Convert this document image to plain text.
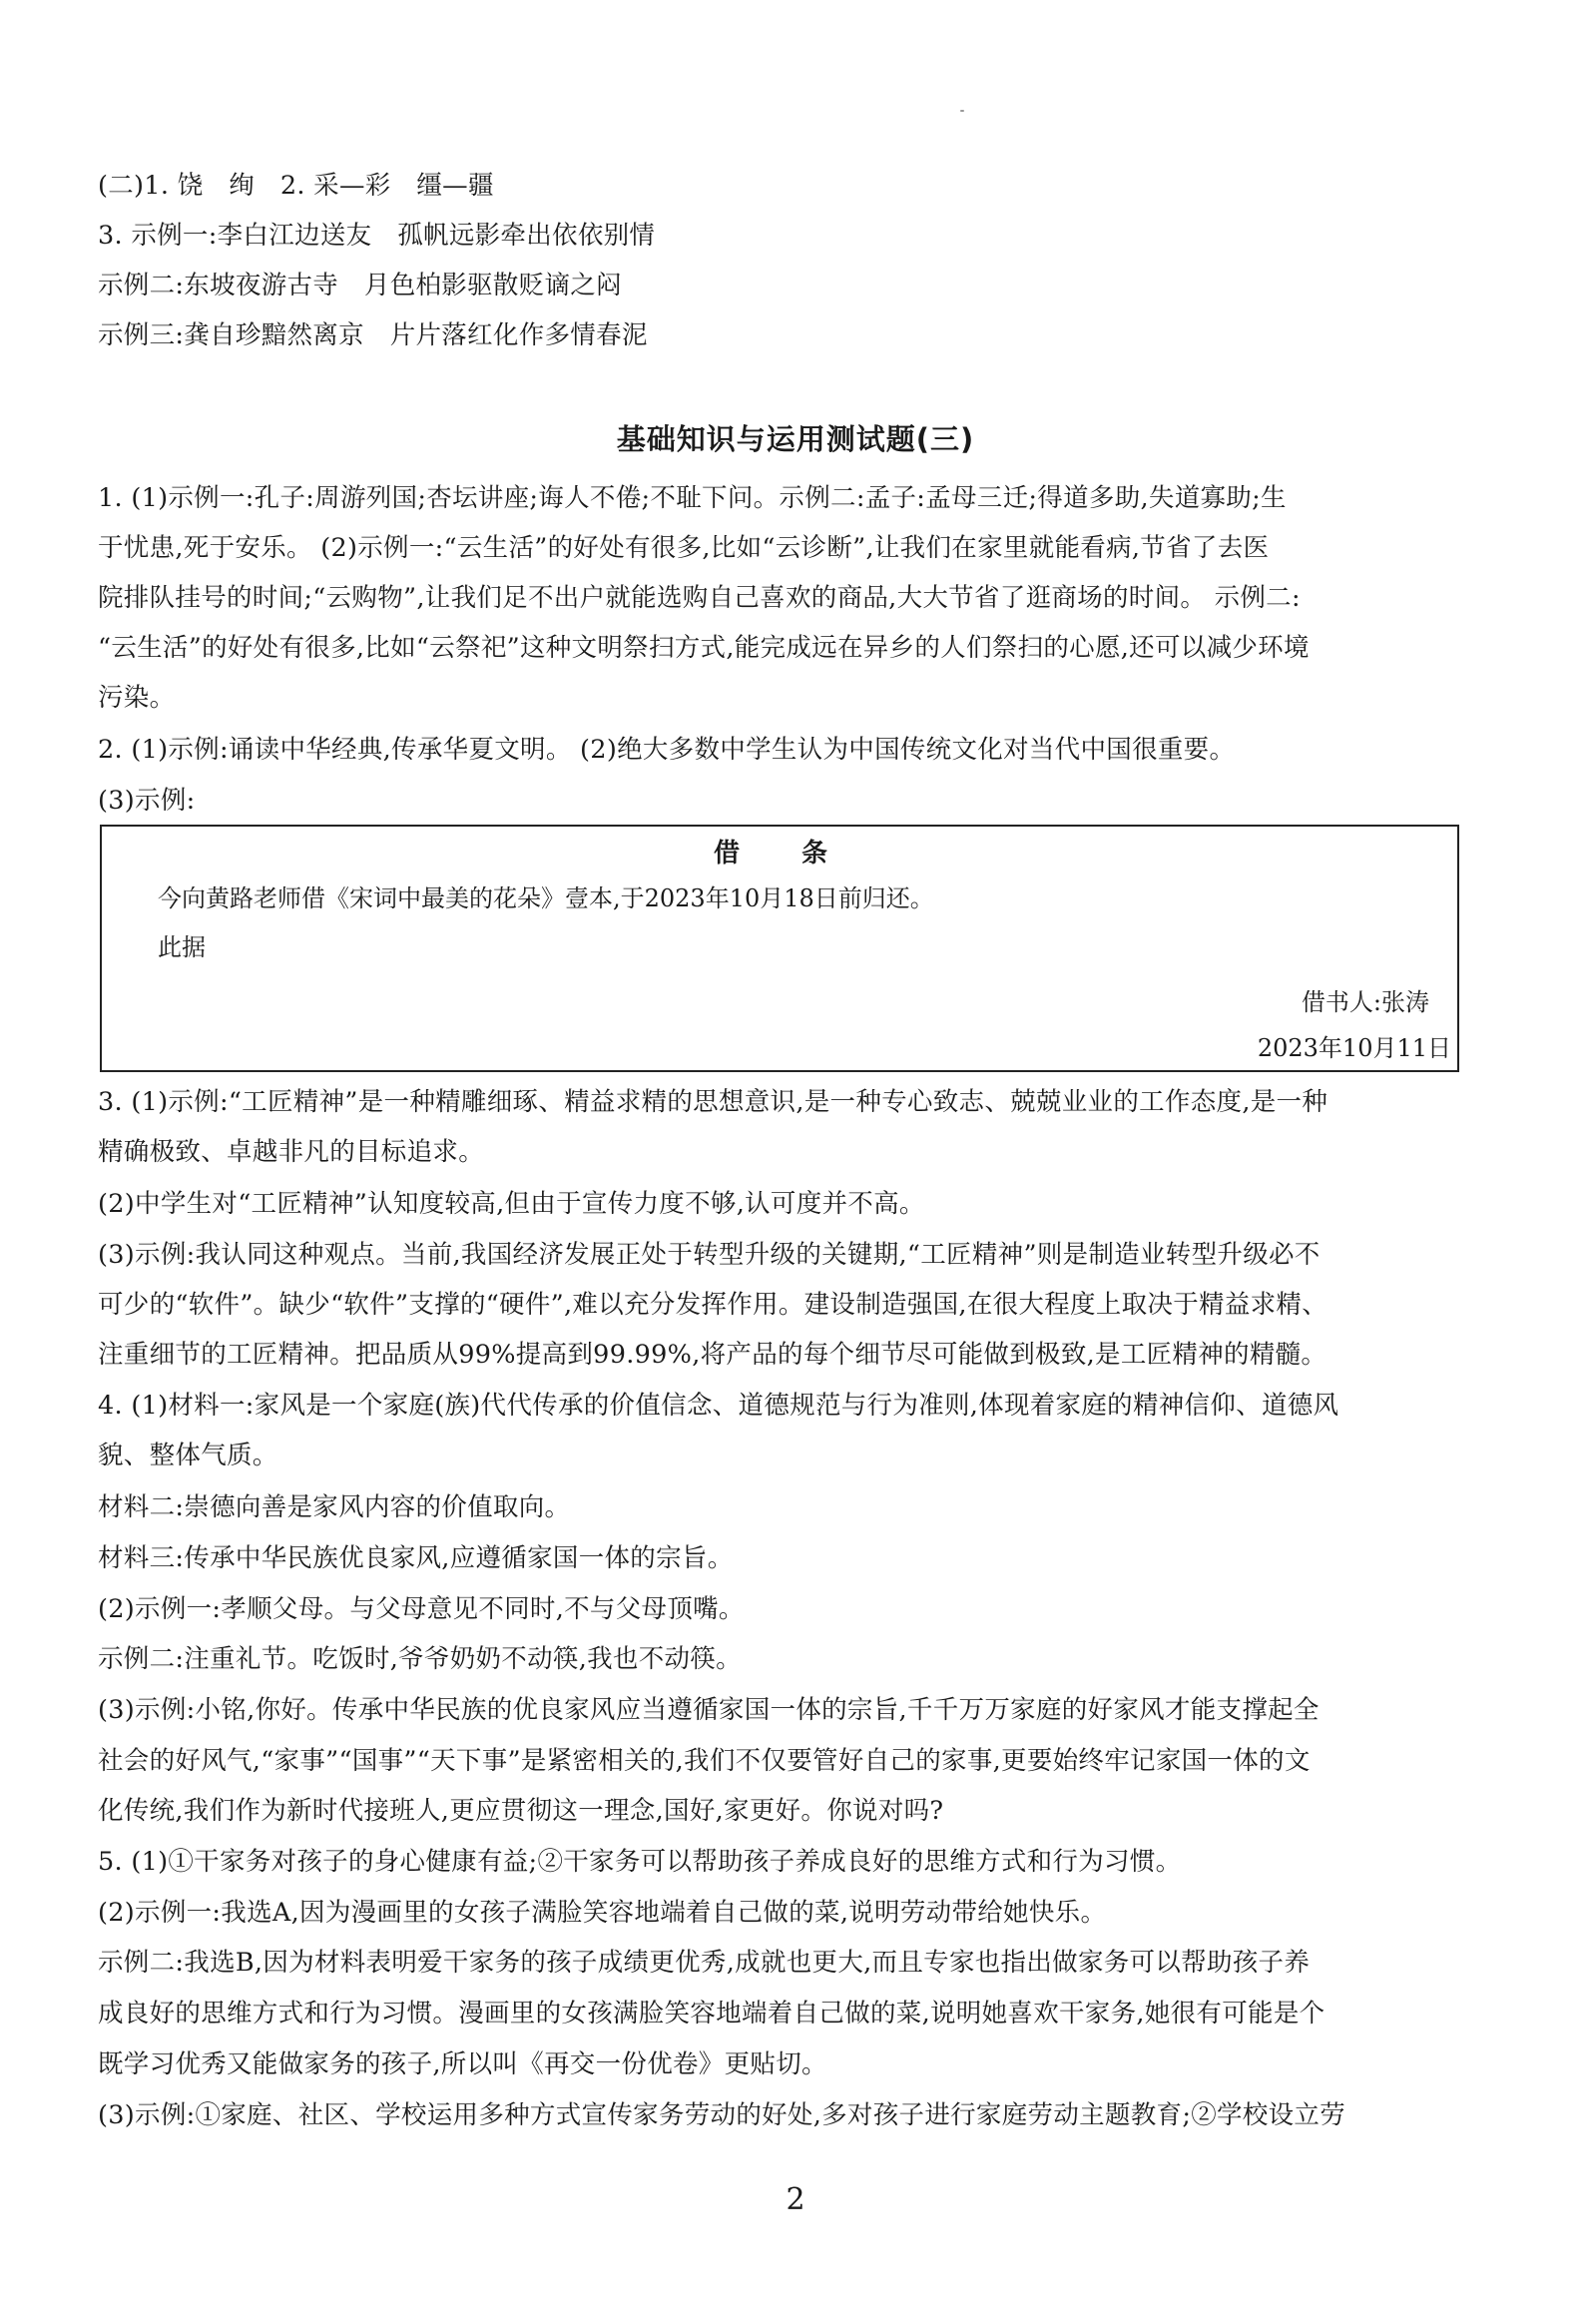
(二)1. 饶　绚　2. 采—彩　缰—疆
3. 示例一:李白江边送友　孤帆远影牵出依依别情
示例二:东坡夜游古寺　月色柏影驱散贬谪之闷
示例三:龚自珍黯然离京　片片落红化作多情春泥
基础知识与运用测试题(三)
1. (1)示例一:孔子:周游列国;杏坛讲座;诲人不倦;不耻下问。示例二:孟子:孟母三迁;得道多助,失道寡助;生
于忧患,死于安乐。 (2)示例一:“云生活”的好处有很多,比如“云诊断”,让我们在家里就能看病,节省了去医
院排队挂号的时间;“云购物”,让我们足不出户就能选购自己喜欢的商品,大大节省了逛商场的时间。 示例二:
“云生活”的好处有很多,比如“云祭祀”这种文明祭扫方式,能完成远在异乡的人们祭扫的心愿,还可以减少环境
污染。
2. (1)示例:诵读中华经典,传承华夏文明。 (2)绝大多数中学生认为中国传统文化对当代中国很重要。
(3)示例:
借　条
今向黄路老师借《宋词中最美的花朵》壹本,于2023年10月18日前归还。
此据
借书人:张涛
2023年10月11日
3. (1)示例:“工匠精神”是一种精雕细琢、精益求精的思想意识,是一种专心致志、兢兢业业的工作态度,是一种
精确极致、卓越非凡的目标追求。
(2)中学生对“工匠精神”认知度较高,但由于宣传力度不够,认可度并不高。
(3)示例:我认同这种观点。当前,我国经济发展正处于转型升级的关键期,“工匠精神”则是制造业转型升级必不
可少的“软件”。缺少“软件”支撑的“硬件”,难以充分发挥作用。建设制造强国,在很大程度上取决于精益求精、
注重细节的工匠精神。把品质从99%提高到99.99%,将产品的每个细节尽可能做到极致,是工匠精神的精髓。
4. (1)材料一:家风是一个家庭(族)代代传承的价值信念、道德规范与行为准则,体现着家庭的精神信仰、道德风
貌、整体气质。
材料二:崇德向善是家风内容的价值取向。
材料三:传承中华民族优良家风,应遵循家国一体的宗旨。
(2)示例一:孝顺父母。与父母意见不同时,不与父母顶嘴。
示例二:注重礼节。吃饭时,爷爷奶奶不动筷,我也不动筷。
(3)示例:小铭,你好。传承中华民族的优良家风应当遵循家国一体的宗旨,千千万万家庭的好家风才能支撑起全
社会的好风气,“家事”“国事”“天下事”是紧密相关的,我们不仅要管好自己的家事,更要始终牢记家国一体的文
化传统,我们作为新时代接班人,更应贯彻这一理念,国好,家更好。你说对吗?
5. (1)①干家务对孩子的身心健康有益;②干家务可以帮助孩子养成良好的思维方式和行为习惯。
(2)示例一:我选A,因为漫画里的女孩子满脸笑容地端着自己做的菜,说明劳动带给她快乐。
示例二:我选B,因为材料表明爱干家务的孩子成绩更优秀,成就也更大,而且专家也指出做家务可以帮助孩子养
成良好的思维方式和行为习惯。漫画里的女孩满脸笑容地端着自己做的菜,说明她喜欢干家务,她很有可能是个
既学习优秀又能做家务的孩子,所以叫《再交一份优卷》更贴切。
(3)示例:①家庭、社区、学校运用多种方式宣传家务劳动的好处,多对孩子进行家庭劳动主题教育;②学校设立劳
2
